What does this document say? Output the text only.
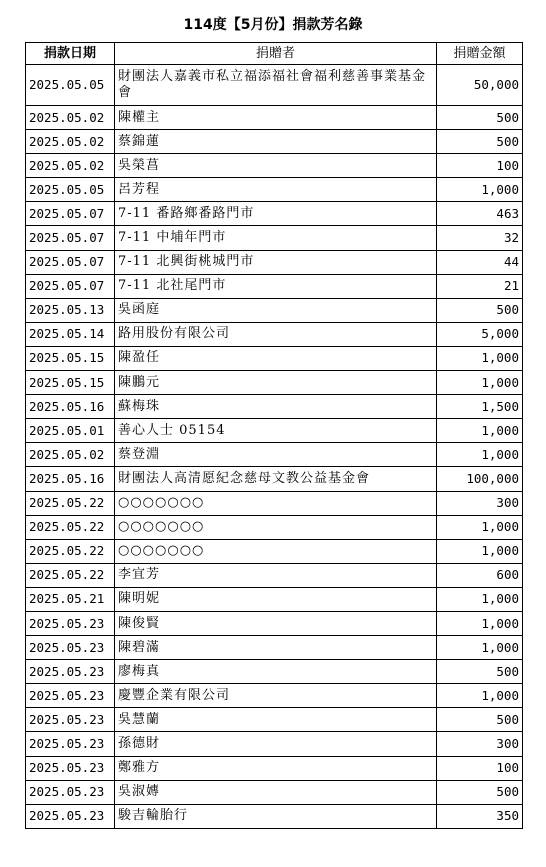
114度【5月份】捐款芳名錄
捐款日期	捐贈者	捐贈金額
2025.05.05	財團法人嘉義市私立福添福社會福利慈善事業基金會	50,000
2025.05.02	陳權主	500
2025.05.02	蔡錦蓮	500
2025.05.02	吳榮菖	100
2025.05.05	呂芳程	1,000
2025.05.07	7-11 番路鄉番路門市	463
2025.05.07	7-11 中埔年門市	32
2025.05.07	7-11 北興街桃城門市	44
2025.05.07	7-11 北社尾門市	21
2025.05.13	吳函庭	500
2025.05.14	路用股份有限公司	5,000
2025.05.15	陳盈任	1,000
2025.05.15	陳鵬元	1,000
2025.05.16	蘇梅珠	1,500
2025.05.01	善心人士 05154	1,000
2025.05.02	蔡登淵	1,000
2025.05.16	財團法人高清愿紀念慈母文教公益基金會	100,000
2025.05.22	○○○○○○○	300
2025.05.22	○○○○○○○	1,000
2025.05.22	○○○○○○○	1,000
2025.05.22	李宜芳	600
2025.05.21	陳明妮	1,000
2025.05.23	陳俊賢	1,000
2025.05.23	陳碧滿	1,000
2025.05.23	廖梅真	500
2025.05.23	慶豐企業有限公司	1,000
2025.05.23	吳慧蘭	500
2025.05.23	孫德財	300
2025.05.23	鄭雅方	100
2025.05.23	吳淑嫥	500
2025.05.23	駿吉輪胎行	350
